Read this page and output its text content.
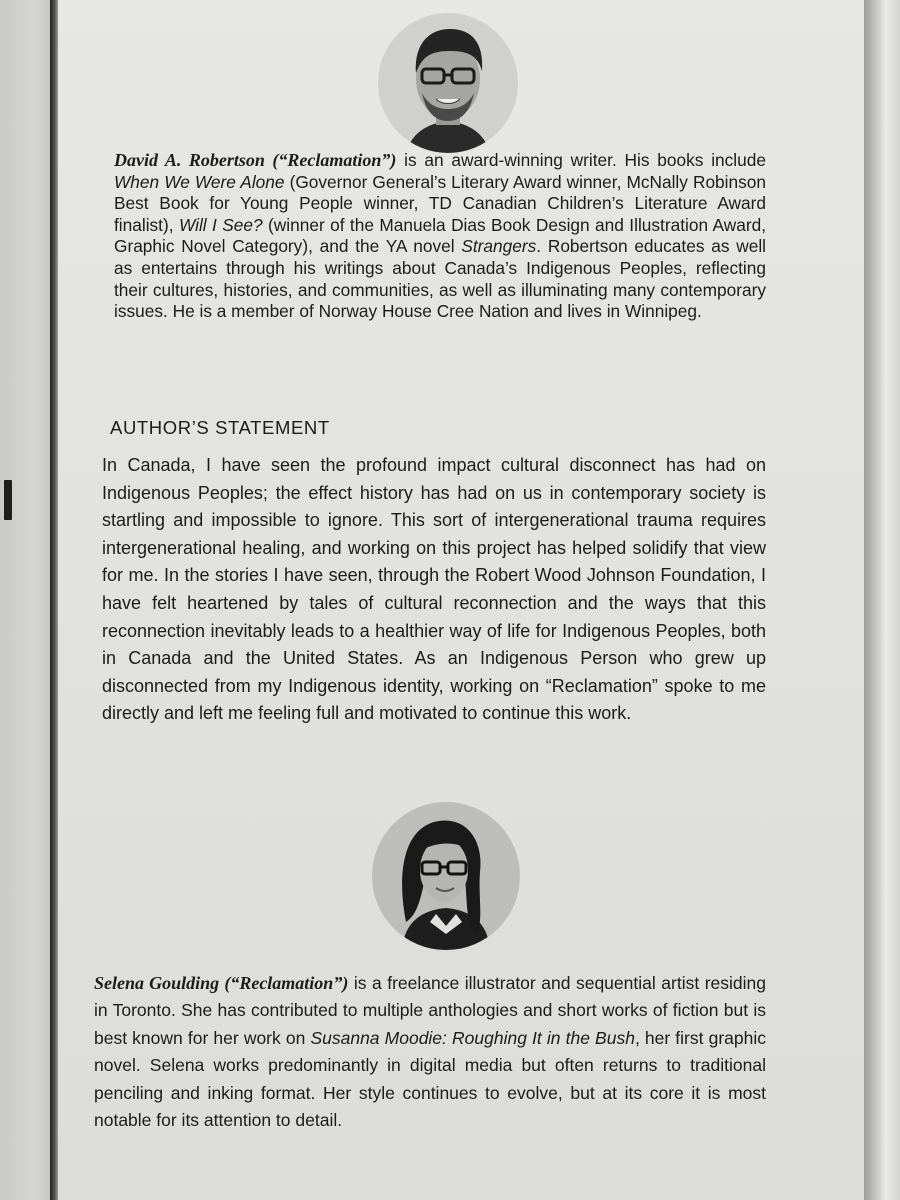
David A. Robertson (“Reclamation”) is an award-winning writer. His books include When We Were Alone (Governor General’s Literary Award winner, McNally Robinson Best Book for Young People winner, TD Canadian Children’s Literature Award finalist), Will I See? (winner of the Manuela Dias Book Design and Illustration Award, Graphic Novel Category), and the YA novel Strangers. Robertson educates as well as entertains through his writings about Canada’s Indigenous Peoples, reflecting their cultures, histories, and communities, as well as illuminating many contemporary issues. He is a member of Norway House Cree Nation and lives in Winnipeg.

AUTHOR’S STATEMENT

In Canada, I have seen the profound impact cultural disconnect has had on Indigenous Peoples; the effect history has had on us in contemporary society is startling and impossible to ignore. This sort of intergenerational trauma requires intergenerational healing, and working on this project has helped solidify that view for me. In the stories I have seen, through the Robert Wood Johnson Foundation, I have felt heartened by tales of cultural reconnection and the ways that this reconnection inevitably leads to a healthier way of life for Indigenous Peoples, both in Canada and the United States. As an Indigenous Person who grew up disconnected from my Indigenous identity, working on “Reclamation” spoke to me directly and left me feeling full and motivated to continue this work.

Selena Goulding (“Reclamation”) is a freelance illustrator and sequential artist residing in Toronto. She has contributed to multiple anthologies and short works of fiction but is best known for her work on Susanna Moodie: Roughing It in the Bush, her first graphic novel. Selena works predominantly in digital media but often returns to traditional penciling and inking format. Her style continues to evolve, but at its core it is most notable for its attention to detail.
